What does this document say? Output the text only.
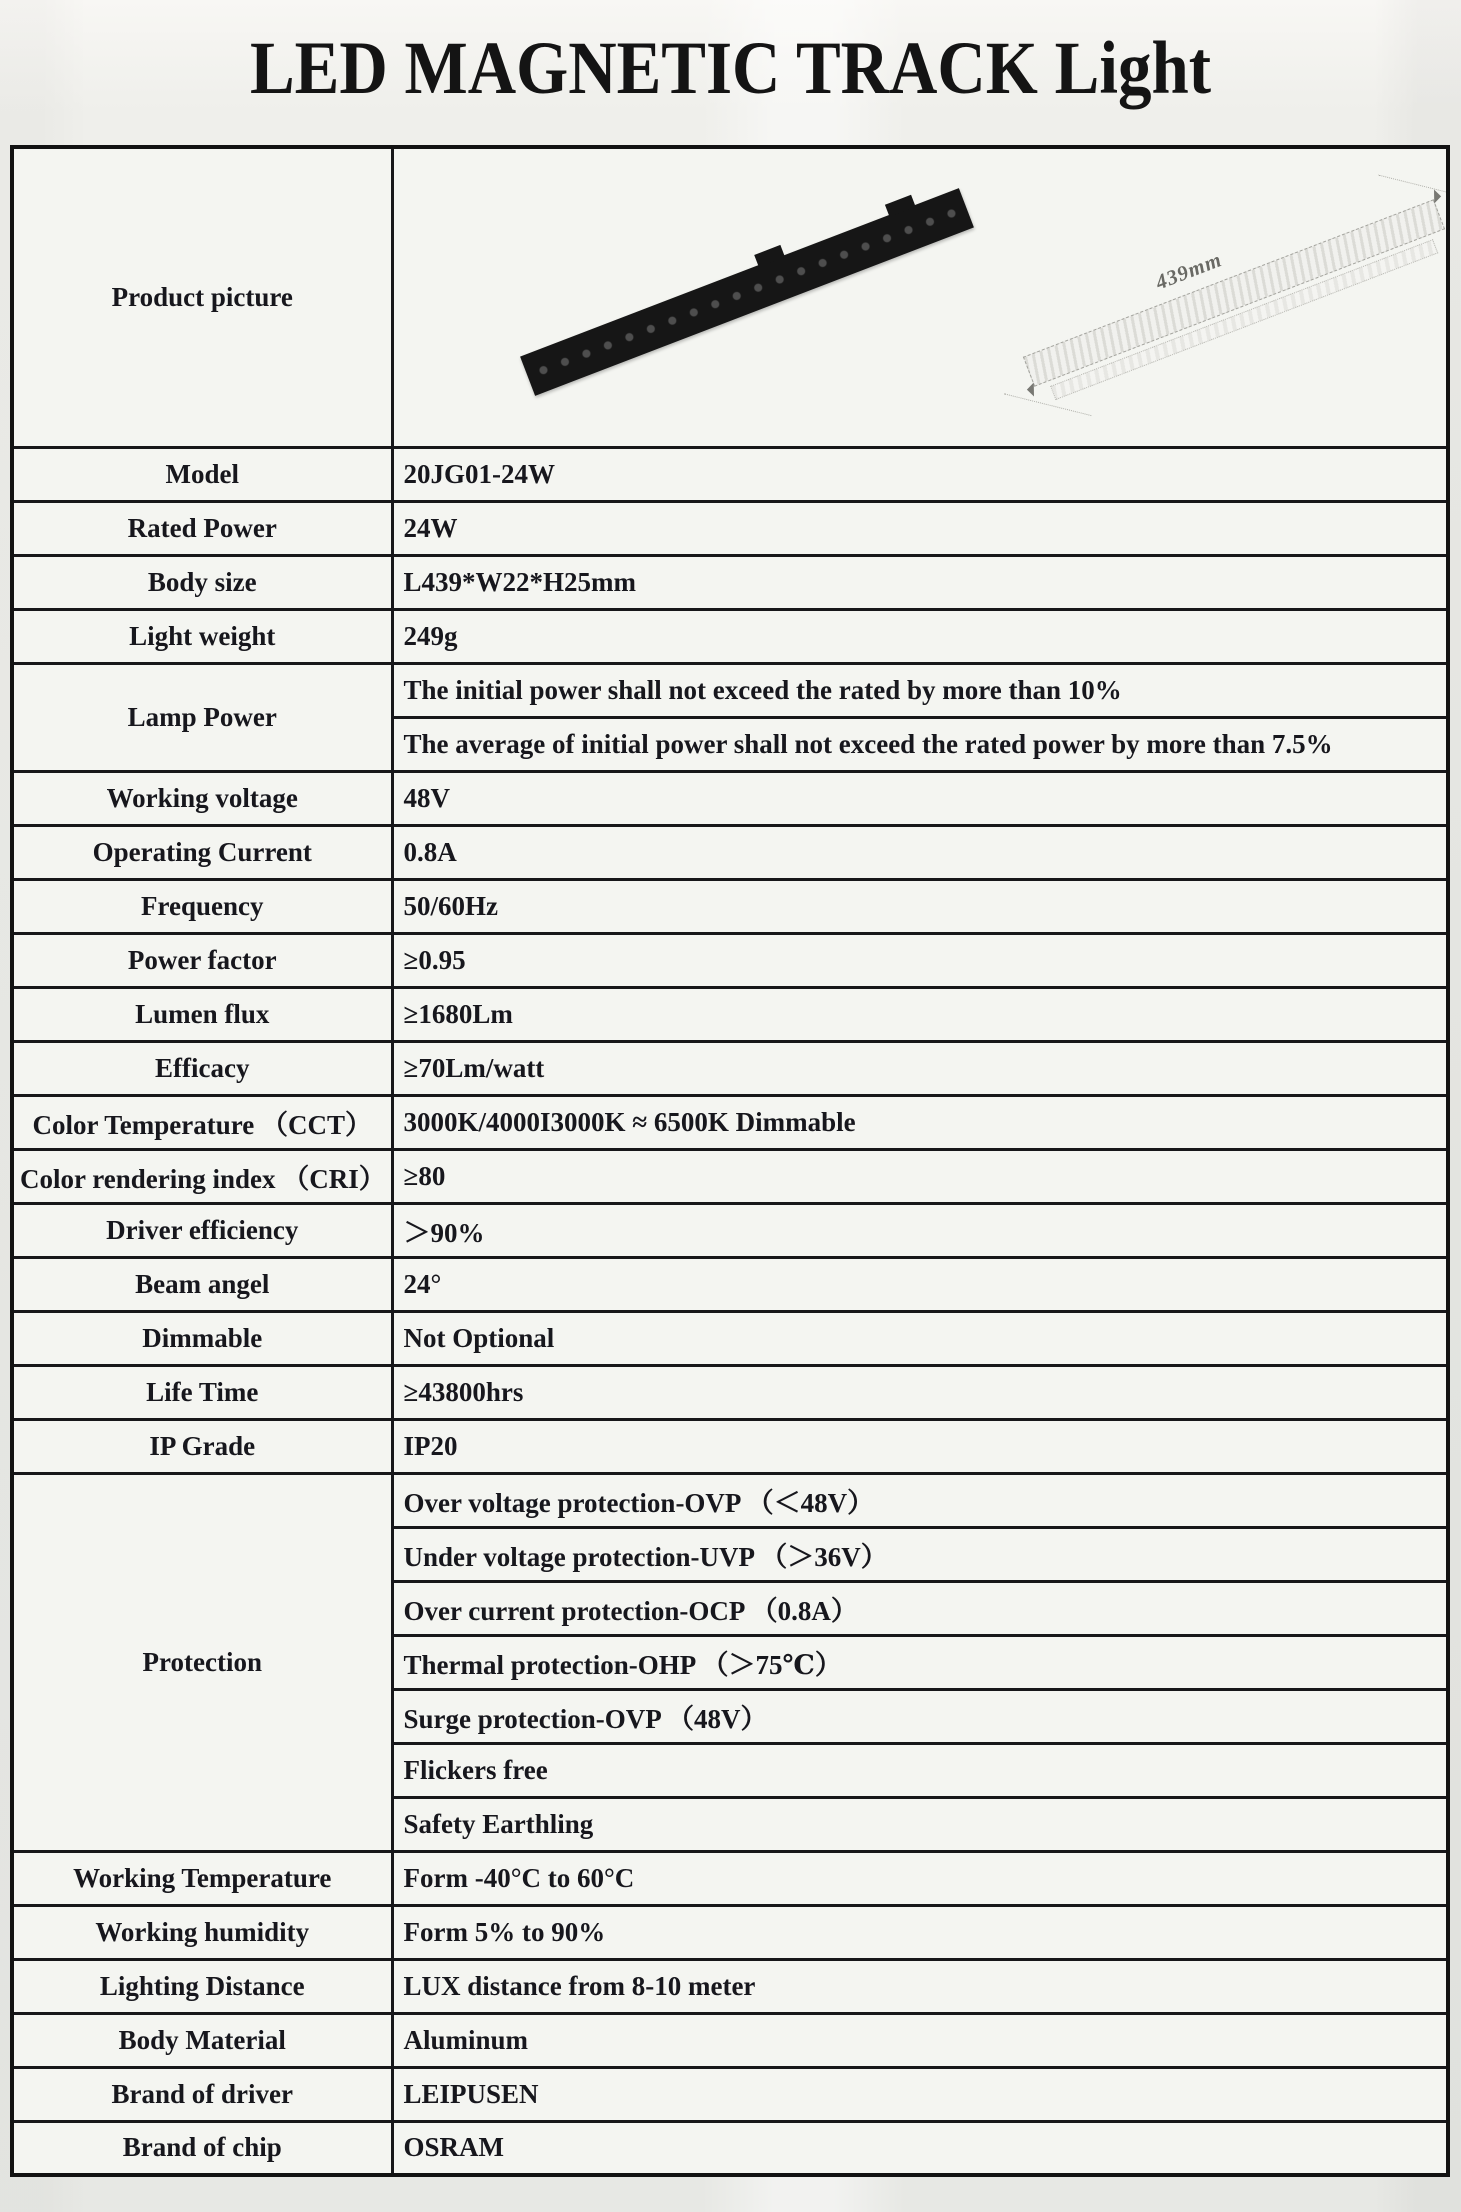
LED MAGNETIC TRACK Light
Product picture	439mm

Model	20JG01-24W
Rated Power	24W
Body size	L439*W22*H25mm
Light weight	249g
Lamp Power	The initial power shall not exceed the rated by more than 10%
	The average of initial power shall not exceed the rated power by more than 7.5%
Working voltage	48V
Operating Current	0.8A
Frequency	50/60Hz
Power factor	≥0.95
Lumen flux	≥1680Lm
Efficacy	≥70Lm/watt
Color Temperature （CCT）	3000K/4000I3000K ≈ 6500K Dimmable
Color rendering index （CRI）	≥80
Driver efficiency	＞90%
Beam angel	24°
Dimmable	Not Optional
Life Time	≥43800hrs
IP Grade	IP20
Protection	Over voltage protection-OVP （＜48V）
	Under voltage protection-UVP （＞36V）
	Over current protection-OCP （0.8A）
	Thermal protection-OHP （＞75℃）
	Surge protection-OVP （48V）
	Flickers free
	Safety Earthling
Working Temperature	Form -40°C to 60°C
Working humidity	Form 5% to 90%
Lighting Distance	LUX distance from 8-10 meter
Body Material	Aluminum
Brand of driver	LEIPUSEN
Brand of chip	OSRAM
